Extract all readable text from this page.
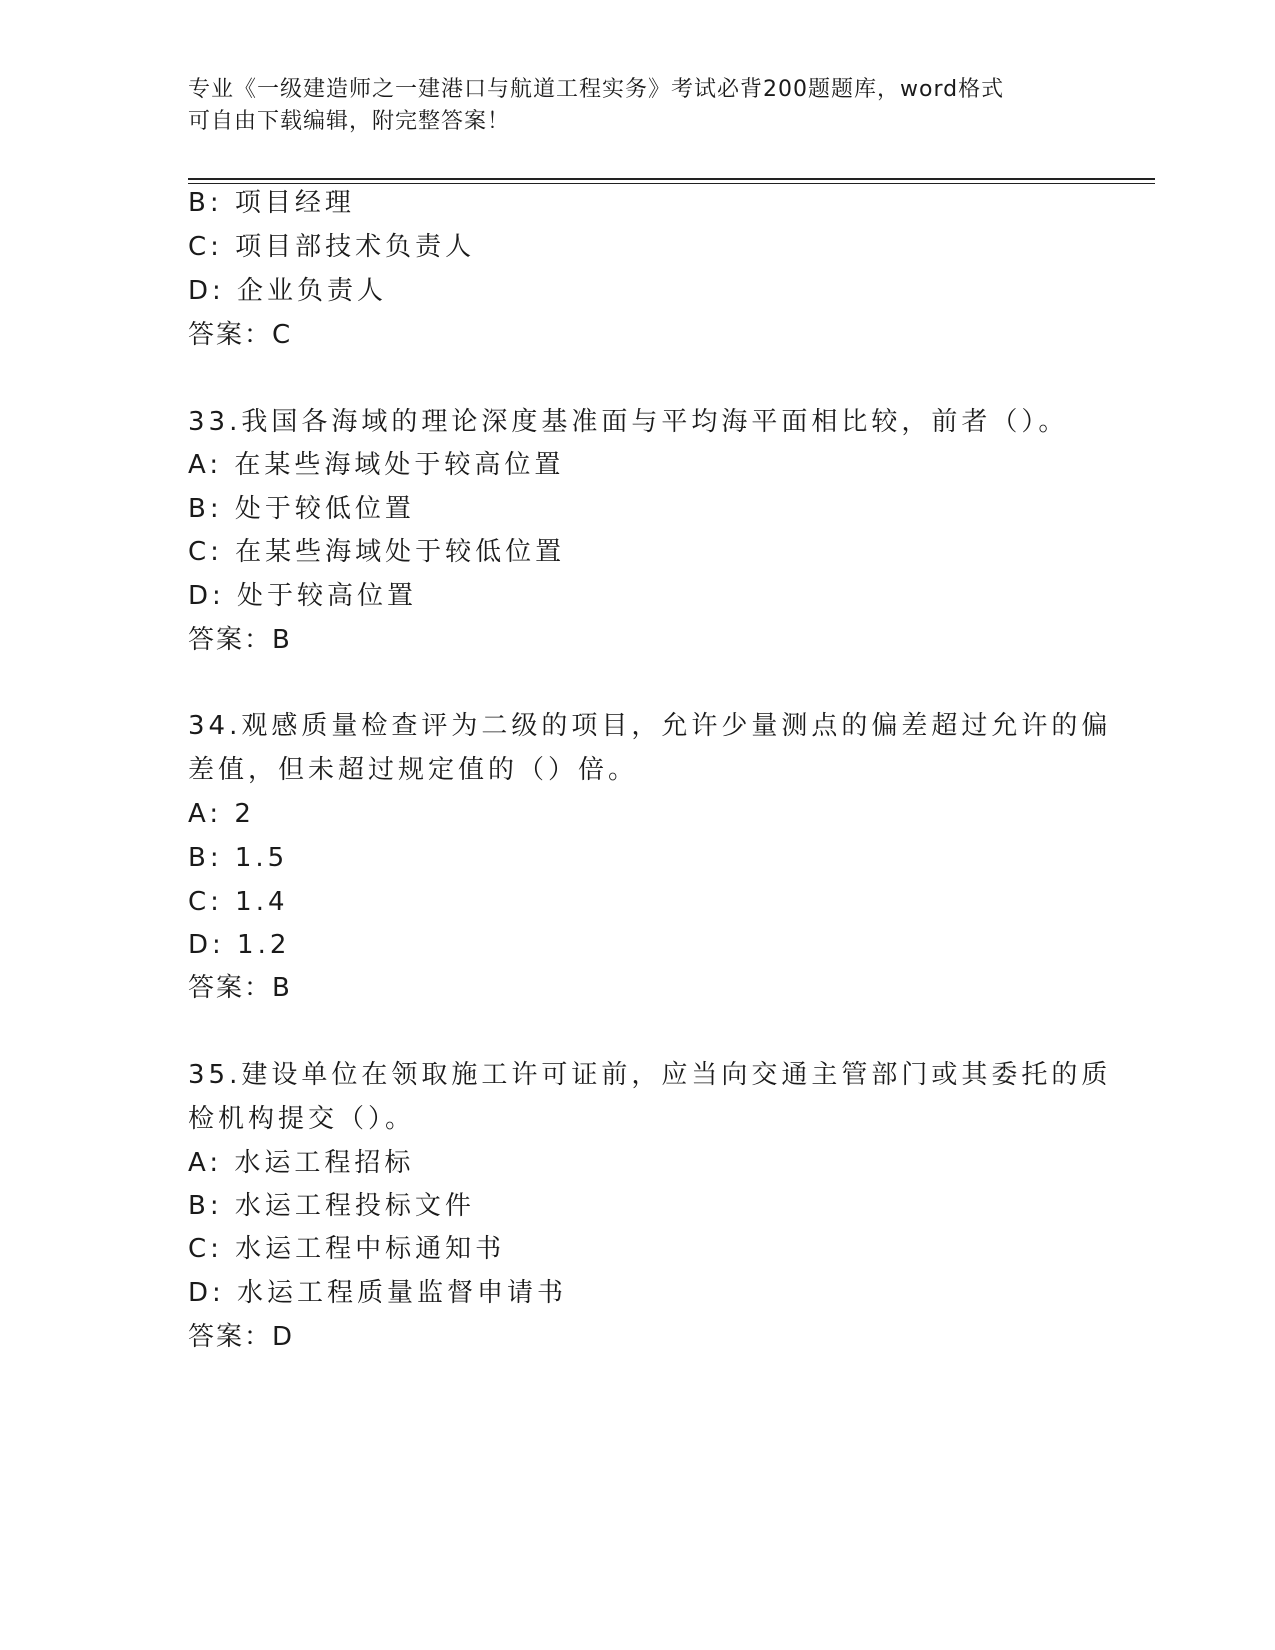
专业《一级建造师之一建港口与航道工程实务》考试必背200题题库，word格式
可自由下载编辑，附完整答案！
B: 项目经理
C: 项目部技术负责人
D: 企业负责人
答案：C
33.我国各海域的理论深度基准面与平均海平面相比较，前者（）。
A: 在某些海域处于较高位置
B: 处于较低位置
C: 在某些海域处于较低位置
D: 处于较高位置
答案：B
34.观感质量检查评为二级的项目，允许少量测点的偏差超过允许的偏
差值，但未超过规定值的（）倍。
A: 2
B: 1.5
C: 1.4
D: 1.2
答案：B
35.建设单位在领取施工许可证前，应当向交通主管部门或其委托的质
检机构提交（）。
A: 水运工程招标
B: 水运工程投标文件
C: 水运工程中标通知书
D: 水运工程质量监督申请书
答案：D
